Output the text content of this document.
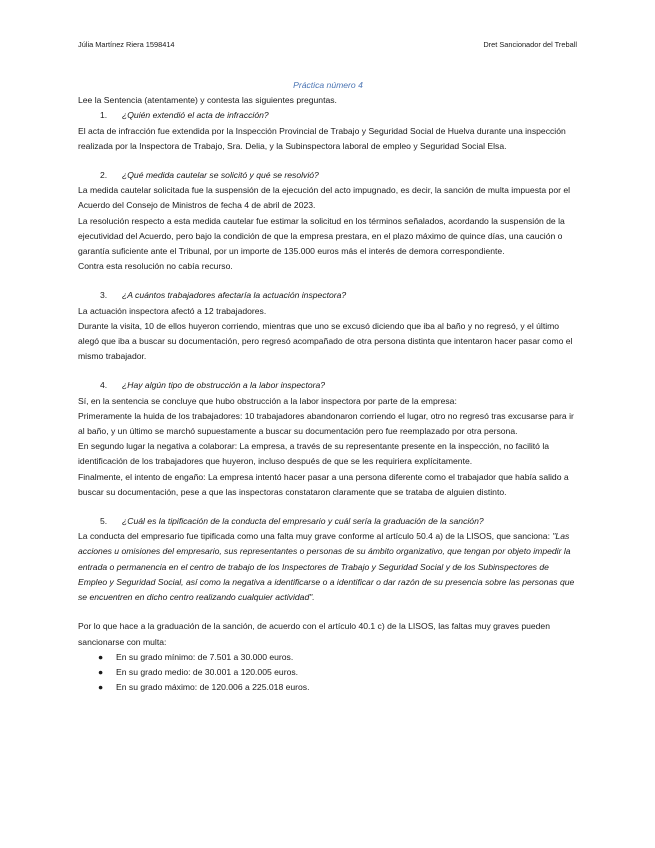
Júlia Martínez Riera 1598414	Dret Sancionador del Treball

Práctica número 4

Lee la Sentencia (atentamente) y contesta las siguientes preguntas.

1. ¿Quién extendió el acta de infracción?

El acta de infracción fue extendida por la Inspección Provincial de Trabajo y Seguridad Social de Huelva durante una inspección realizada por la Inspectora de Trabajo, Sra. Delia, y la Subinspectora laboral de empleo y Seguridad Social Elsa.

2. ¿Qué medida cautelar se solicitó y qué se resolvió?

La medida cautelar solicitada fue la suspensión de la ejecución del acto impugnado, es decir, la sanción de multa impuesta por el Acuerdo del Consejo de Ministros de fecha 4 de abril de 2023.

La resolución respecto a esta medida cautelar fue estimar la solicitud en los términos señalados, acordando la suspensión de la ejecutividad del Acuerdo, pero bajo la condición de que la empresa prestara, en el plazo máximo de quince días, una caución o garantía suficiente ante el Tribunal, por un importe de 135.000 euros más el interés de demora correspondiente.

Contra esta resolución no cabía recurso.

3. ¿A cuántos trabajadores afectaría la actuación inspectora?

La actuación inspectora afectó a 12 trabajadores.

Durante la visita, 10 de ellos huyeron corriendo, mientras que uno se excusó diciendo que iba al baño y no regresó, y el último alegó que iba a buscar su documentación, pero regresó acompañado de otra persona distinta que intentaron hacer pasar como el mismo trabajador.

4. ¿Hay algún tipo de obstrucción a la labor inspectora?

Sí, en la sentencia se concluye que hubo obstrucción a la labor inspectora por parte de la empresa:

Primeramente la huida de los trabajadores: 10 trabajadores abandonaron corriendo el lugar, otro no regresó tras excusarse para ir al baño, y un último se marchó supuestamente a buscar su documentación pero fue reemplazado por otra persona.

En segundo lugar la negativa a colaborar: La empresa, a través de su representante presente en la inspección, no facilitó la identificación de los trabajadores que huyeron, incluso después de que se les requiriera explícitamente.

Finalmente, el intento de engaño: La empresa intentó hacer pasar a una persona diferente como el trabajador que había salido a buscar su documentación, pese a que las inspectoras constataron claramente que se trataba de alguien distinto.

5. ¿Cuál es la tipificación de la conducta del empresario y cuál sería la graduación de la sanción?

La conducta del empresario fue tipificada como una falta muy grave conforme al artículo 50.4 a) de la LISOS, que sanciona: "Las acciones u omisiones del empresario, sus representantes o personas de su ámbito organizativo, que tengan por objeto impedir la entrada o permanencia en el centro de trabajo de los Inspectores de Trabajo y Seguridad Social y de los Subinspectores de Empleo y Seguridad Social, así como la negativa a identificarse o a identificar o dar razón de su presencia sobre las personas que se encuentren en dicho centro realizando cualquier actividad".

Por lo que hace a la graduación de la sanción, de acuerdo con el artículo 40.1 c) de la LISOS, las faltas muy graves pueden sancionarse con multa:

● En su grado mínimo: de 7.501 a 30.000 euros.
● En su grado medio: de 30.001 a 120.005 euros.
● En su grado máximo: de 120.006 a 225.018 euros.
